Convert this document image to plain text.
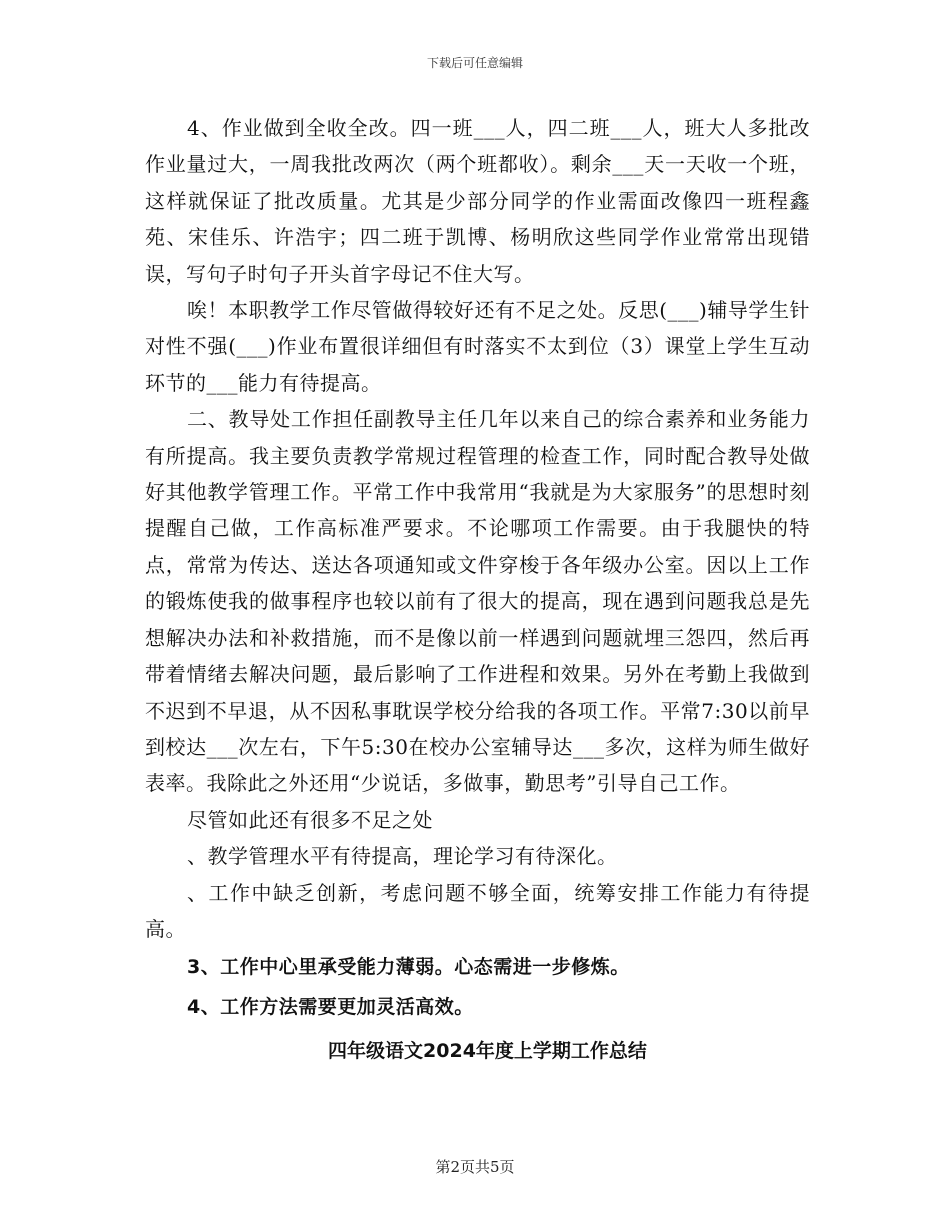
下载后可任意编辑

4、作业做到全收全改。四一班___人，四二班___人，班大人多批改作业量过大，一周我批改两次（两个班都收）。剩余___天一天收一个班，这样就保证了批改质量。尤其是少部分同学的作业需面改像四一班程鑫苑、宋佳乐、许浩宇；四二班于凯博、杨明欣这些同学作业常常出现错误，写句子时句子开头首字母记不住大写。

唉！本职教学工作尽管做得较好还有不足之处。反思(___)辅导学生针对性不强(___)作业布置很详细但有时落实不太到位（3）课堂上学生互动环节的___能力有待提高。

二、教导处工作担任副教导主任几年以来自己的综合素养和业务能力有所提高。我主要负责教学常规过程管理的检查工作，同时配合教导处做好其他教学管理工作。平常工作中我常用“我就是为大家服务”的思想时刻提醒自己做，工作高标准严要求。不论哪项工作需要。由于我腿快的特点，常常为传达、送达各项通知或文件穿梭于各年级办公室。因以上工作的锻炼使我的做事程序也较以前有了很大的提高，现在遇到问题我总是先想解决办法和补救措施，而不是像以前一样遇到问题就埋三怨四，然后再带着情绪去解决问题，最后影响了工作进程和效果。另外在考勤上我做到不迟到不早退，从不因私事耽误学校分给我的各项工作。平常7:30以前早到校达___次左右，下午5:30在校办公室辅导达___多次，这样为师生做好表率。我除此之外还用“少说话，多做事，勤思考”引导自己工作。

尽管如此还有很多不足之处

、教学管理水平有待提高，理论学习有待深化。

、工作中缺乏创新，考虑问题不够全面，统筹安排工作能力有待提高。

3、工作中心里承受能力薄弱。心态需进一步修炼。

4、工作方法需要更加灵活高效。

四年级语文2024年度上学期工作总结

第2页共5页
